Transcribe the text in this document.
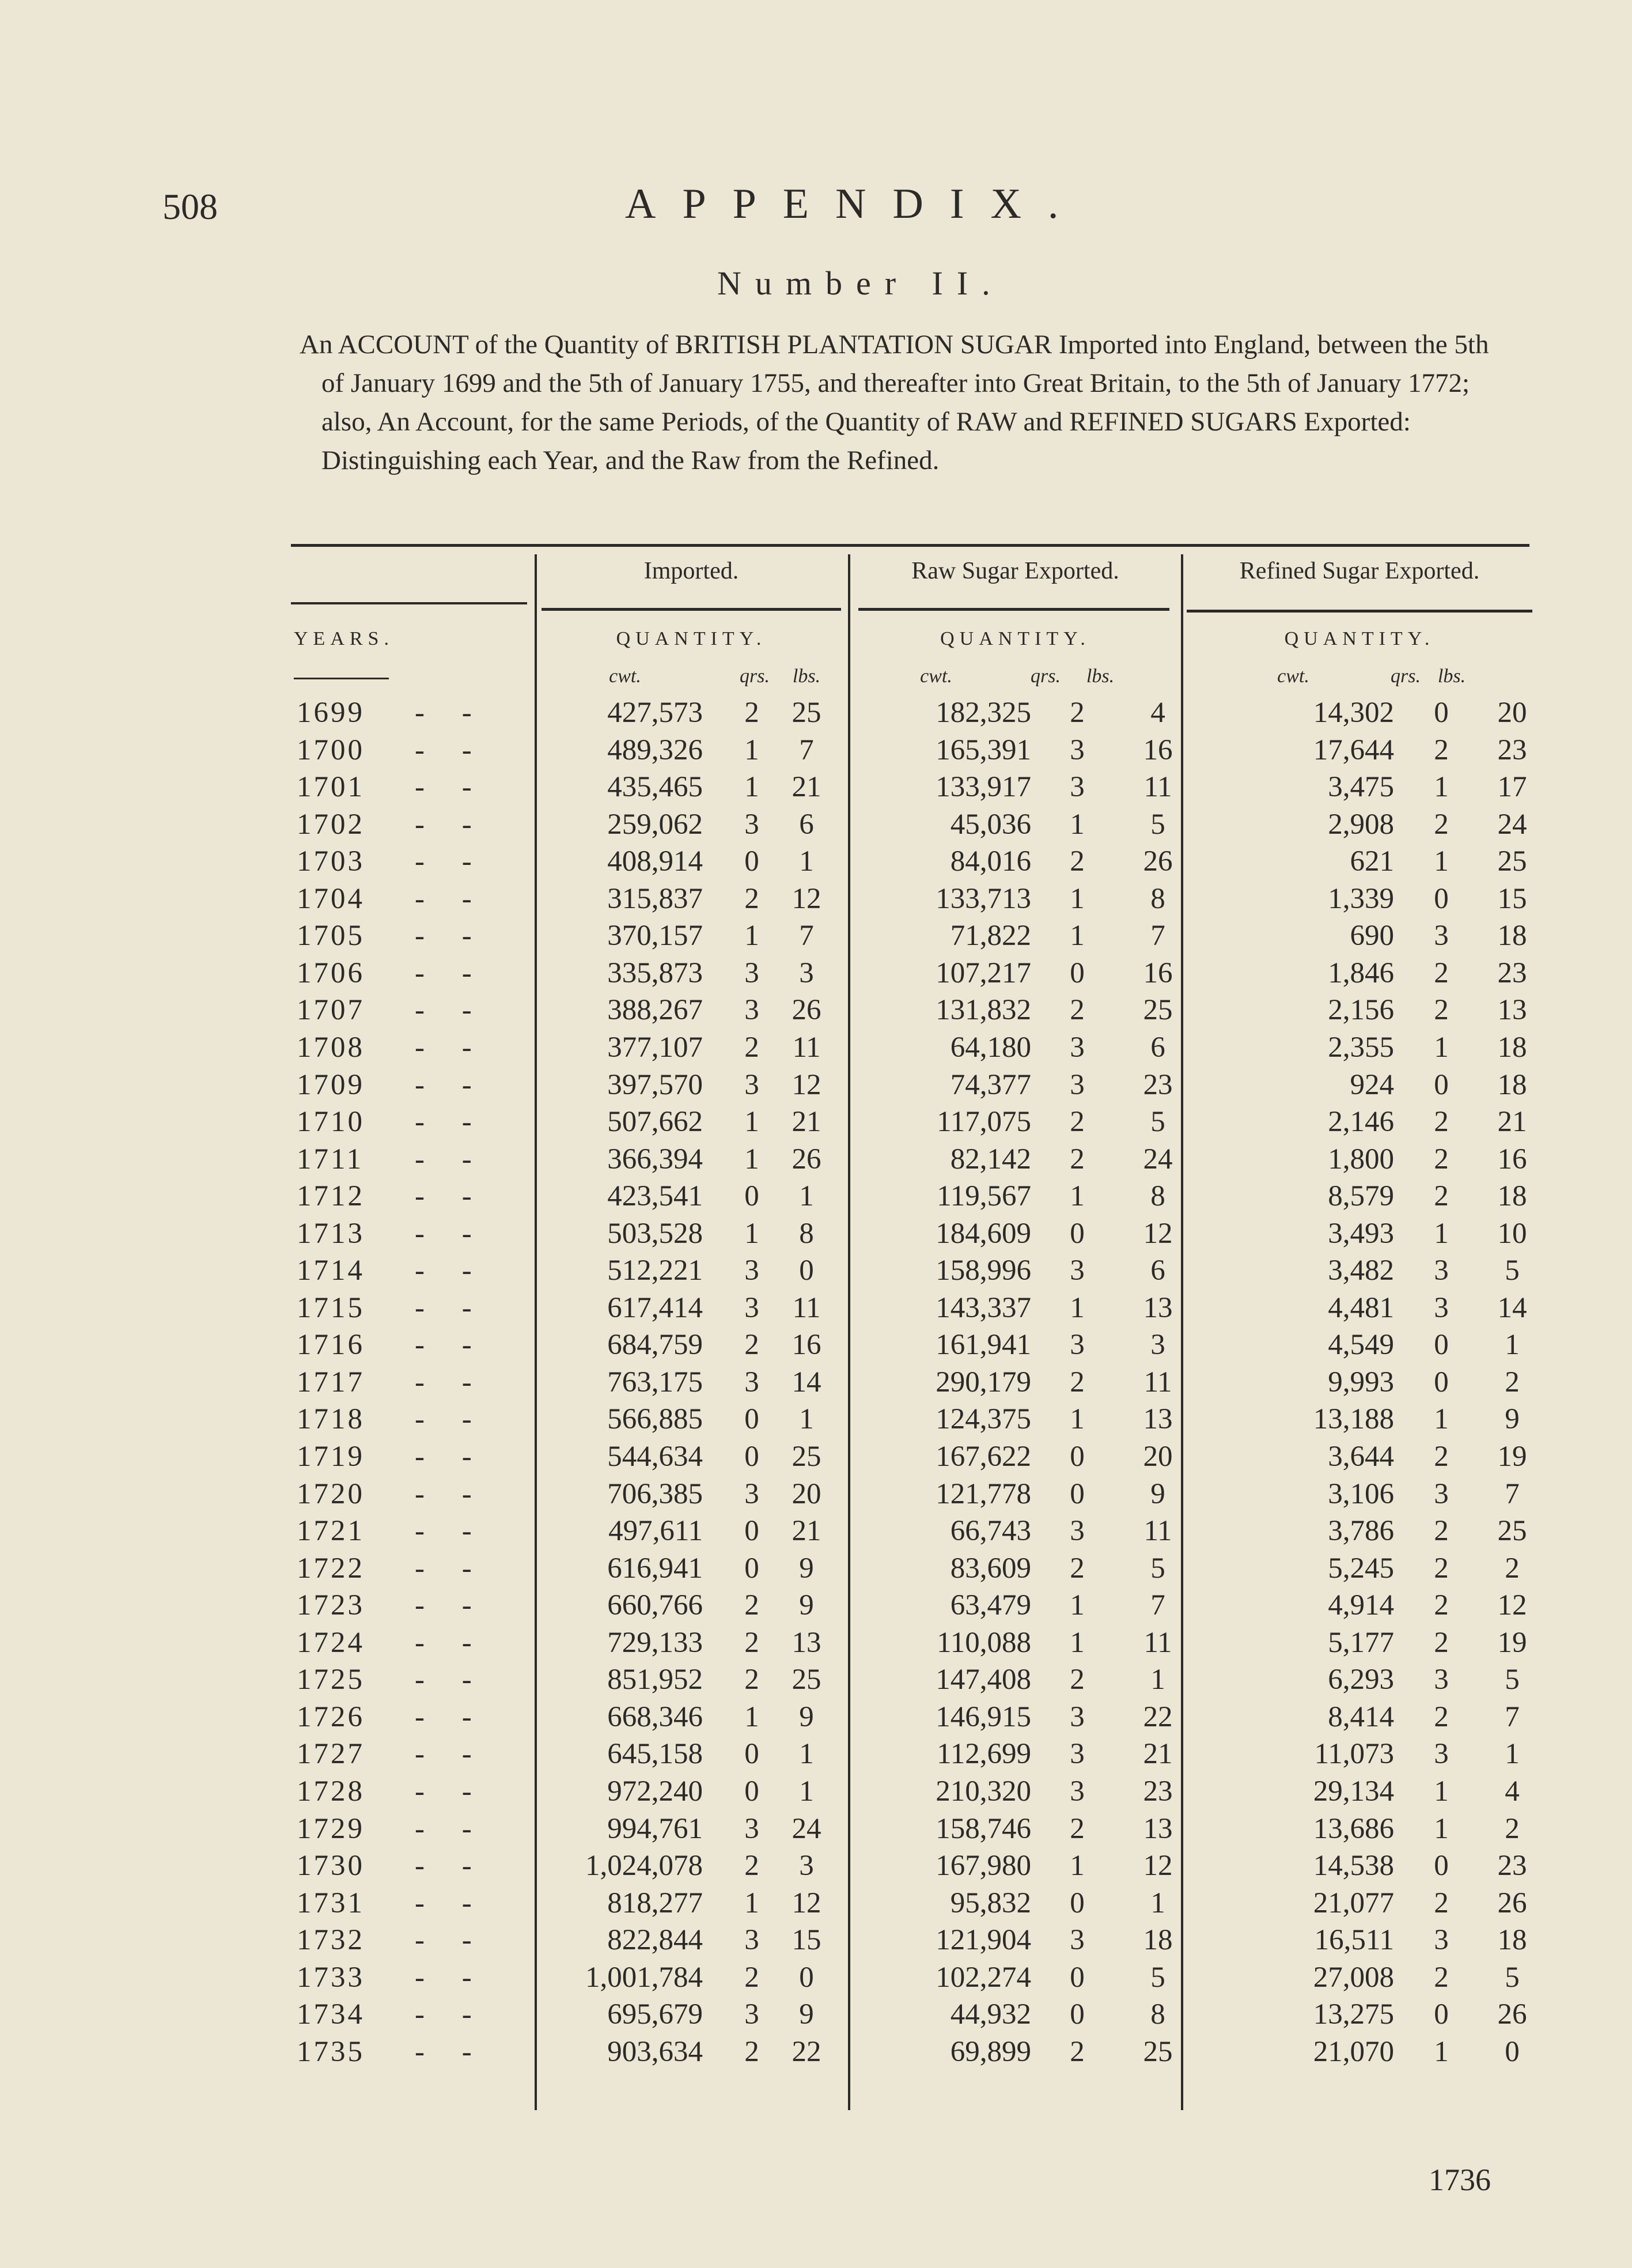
508	APPENDIX.
Number II.
An ACCOUNT of the Quantity of BRITISH PLANTATION SUGAR Imported into England, between the 5th of January 1699 and the 5th of January 1755, and thereafter into Great Britain, to the 5th of January 1772; also, An Account, for the same Periods, of the Quantity of RAW and REFINED SUGARS Exported: Distinguishing each Year, and the Raw from the Refined.
Imported.	Raw Sugar Exported.	Refined Sugar Exported.
YEARS.	QUANTITY.	QUANTITY.	QUANTITY.
cwt.	qrs.	lbs.	cwt.	qrs.	lbs.	cwt.	qrs. lbs.
1699	- -	427,573	2	25	182,325	2	4	14,302	0	20
1700	- -	489,326	1	7	165,391	3	16	17,644	2	23
1701	- -	435,465	1	21	133,917	3	11	3,475	1	17
1702	- -	259,062	3	6	45,036	1	5	2,908	2	24
1703	- -	408,914	0	1	84,016	2	26	621	1	25
1704	- -	315,837	2	12	133,713	1	8	1,339	0	15
1705	- -	370,157	1	7	71,822	1	7	690	3	18
1706	- -	335,873	3	3	107,217	0	16	1,846	2	23
1707	- -	388,267	3	26	131,832	2	25	2,156	2	13
1708	- -	377,107	2	11	64,180	3	6	2,355	1	18
1709	- -	397,570	3	12	74,377	3	23	924	0	18
1710	- -	507,662	1	21	117,075	2	5	2,146	2	21
1711	- -	366,394	1	26	82,142	2	24	1,800	2	16
1712	- -	423,541	0	1	119,567	1	8	8,579	2	18
1713	- -	503,528	1	8	184,609	0	12	3,493	1	10
1714	- -	512,221	3	0	158,996	3	6	3,482	3	5
1715	- -	617,414	3	11	143,337	1	13	4,481	3	14
1716	- -	684,759	2	16	161,941	3	3	4,549	0	1
1717	- -	763,175	3	14	290,179	2	11	9,993	0	2
1718	- -	566,885	0	1	124,375	1	13	13,188	1	9
1719	- -	544,634	0	25	167,622	0	20	3,644	2	19
1720	- -	706,385	3	20	121,778	0	9	3,106	3	7
1721	- -	497,611	0	21	66,743	3	11	3,786	2	25
1722	- -	616,941	0	9	83,609	2	5	5,245	2	2
1723	- -	660,766	2	9	63,479	1	7	4,914	2	12
1724	- -	729,133	2	13	110,088	1	11	5,177	2	19
1725	- -	851,952	2	25	147,408	2	1	6,293	3	5
1726	- -	668,346	1	9	146,915	3	22	8,414	2	7
1727	- -	645,158	0	1	112,699	3	21	11,073	3	1
1728	- -	972,240	0	1	210,320	3	23	29,134	1	4
1729	- -	994,761	3	24	158,746	2	13	13,686	1	2
1730	- -	1,024,078	2	3	167,980	1	12	14,538	0	23
1731	- -	818,277	1	12	95,832	0	1	21,077	2	26
1732	- -	822,844	3	15	121,904	3	18	16,511	3	18
1733	- -	1,001,784	2	0	102,274	0	5	27,008	2	5
1734	- -	695,679	3	9	44,932	0	8	13,275	0	26
1735	- -	903,634	2	22	69,899	2	25	21,070	1	0
1736
